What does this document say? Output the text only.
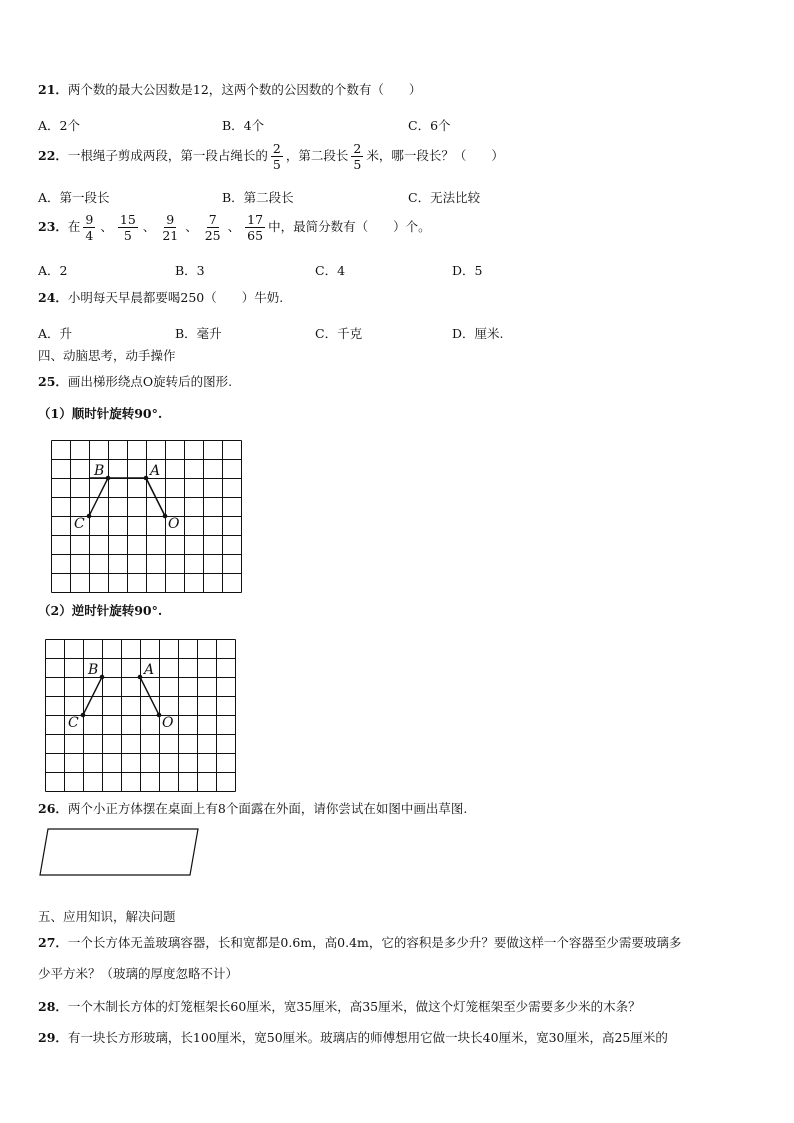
21． 两个数的最大公因数是12，这两个数的公因数的个数有（　　）
A．2个	B．4个	C．6个
22． 一根绳子剪成两段，第一段占绳长的 $\frac{2}{5}$ ，第二段长 $\frac{2}{5}$ 米，哪一段长？（　　）
A．第一段长	B．第二段长	C．无法比较
23． 在 $\frac{9}{4}$ 、 $\frac{15}{5}$ 、 $\frac{9}{21}$ 、 $\frac{7}{25}$ 、 $\frac{17}{65}$ 中，最简分数有（　　）个。
A．2	B．3	C．4	D．5
24． 小明每天早晨都要喝250（　　）牛奶.
A．升	B．毫升	C．千克	D．厘米.
四、动脑思考，动手操作
25． 画出梯形绕点O旋转后的图形.
（1）顺时针旋转90°.
B	A
C	O
（2）逆时针旋转90°.
B	A
C	O
26． 两个小正方体摆在桌面上有8个面露在外面，请你尝试在如图中画出草图.
五、应用知识，解决问题
27． 一个长方体无盖玻璃容器，长和宽都是0.6m，高0.4m，它的容积是多少升？要做这样一个容器至少需要玻璃多
少平方米？（玻璃的厚度忽略不计）
28． 一个木制长方体的灯笼框架长60厘米，宽35厘米，高35厘米，做这个灯笼框架至少需要多少米的木条？
29． 有一块长方形玻璃，长100厘米，宽50厘米。玻璃店的师傅想用它做一块长40厘米，宽30厘米，高25厘米的
